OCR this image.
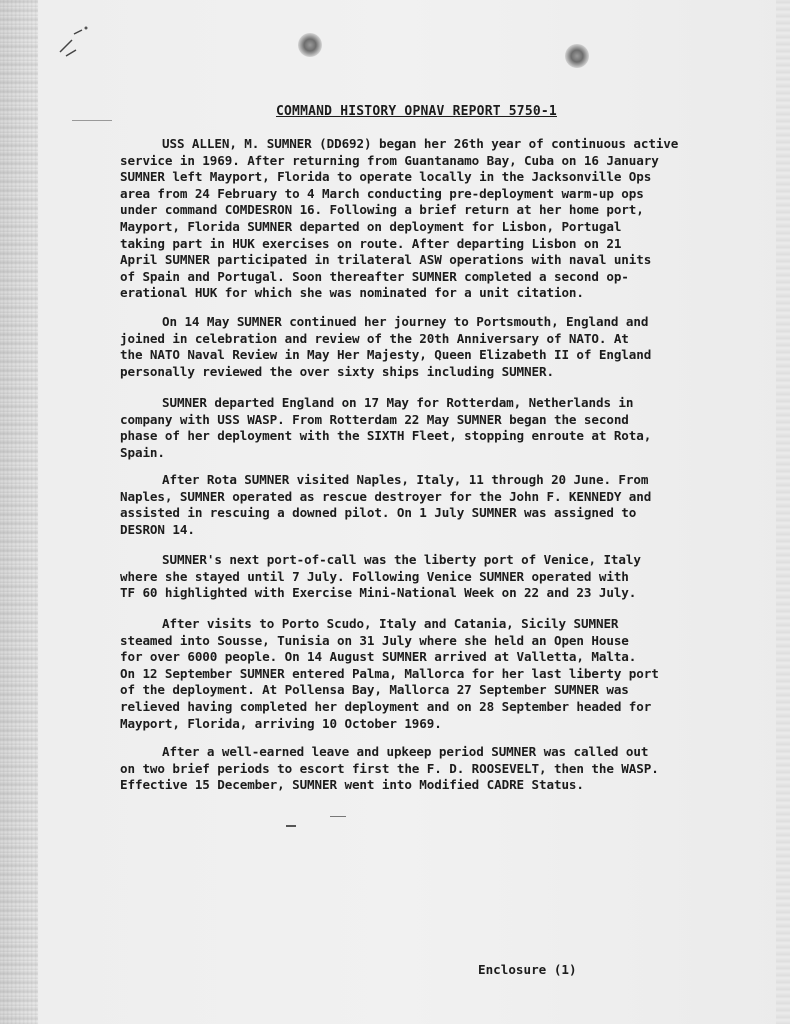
COMMAND HISTORY OPNAV REPORT 5750-1
USS ALLEN, M. SUMNER (DD692) began her 26th year of continuous active
service in 1969. After returning from Guantanamo Bay, Cuba on 16 January
SUMNER left Mayport, Florida to operate locally in the Jacksonville Ops
area from 24 February to 4 March conducting pre-deployment warm-up ops
under command COMDESRON 16. Following a brief return at her home port,
Mayport, Florida SUMNER departed on deployment for Lisbon, Portugal
taking part in HUK exercises on route. After departing Lisbon on 21
April SUMNER participated in trilateral ASW operations with naval units
of Spain and Portugal. Soon thereafter SUMNER completed a second op-
erational HUK for which she was nominated for a unit citation.
On 14 May SUMNER continued her journey to Portsmouth, England and
joined in celebration and review of the 20th Anniversary of NATO. At
the NATO Naval Review in May Her Majesty, Queen Elizabeth II of England
personally reviewed the over sixty ships including SUMNER.
SUMNER departed England on 17 May for Rotterdam, Netherlands in
company with USS WASP. From Rotterdam 22 May SUMNER began the second
phase of her deployment with the SIXTH Fleet, stopping enroute at Rota,
Spain.
After Rota SUMNER visited Naples, Italy, 11 through 20 June. From
Naples, SUMNER operated as rescue destroyer for the John F. KENNEDY and
assisted in rescuing a downed pilot. On 1 July SUMNER was assigned to
DESRON 14.
SUMNER's next port-of-call was the liberty port of Venice, Italy
where she stayed until 7 July. Following Venice SUMNER operated with
TF 60 highlighted with Exercise Mini-National Week on 22 and 23 July.
After visits to Porto Scudo, Italy and Catania, Sicily SUMNER
steamed into Sousse, Tunisia on 31 July where she held an Open House
for over 6000 people. On 14 August SUMNER arrived at Valletta, Malta.
On 12 September SUMNER entered Palma, Mallorca for her last liberty port
of the deployment. At Pollensa Bay, Mallorca 27 September SUMNER was
relieved having completed her deployment and on 28 September headed for
Mayport, Florida, arriving 10 October 1969.
After a well-earned leave and upkeep period SUMNER was called out
on two brief periods to escort first the F. D. ROOSEVELT, then the WASP.
Effective 15 December, SUMNER went into Modified CADRE Status.
Enclosure (1)
